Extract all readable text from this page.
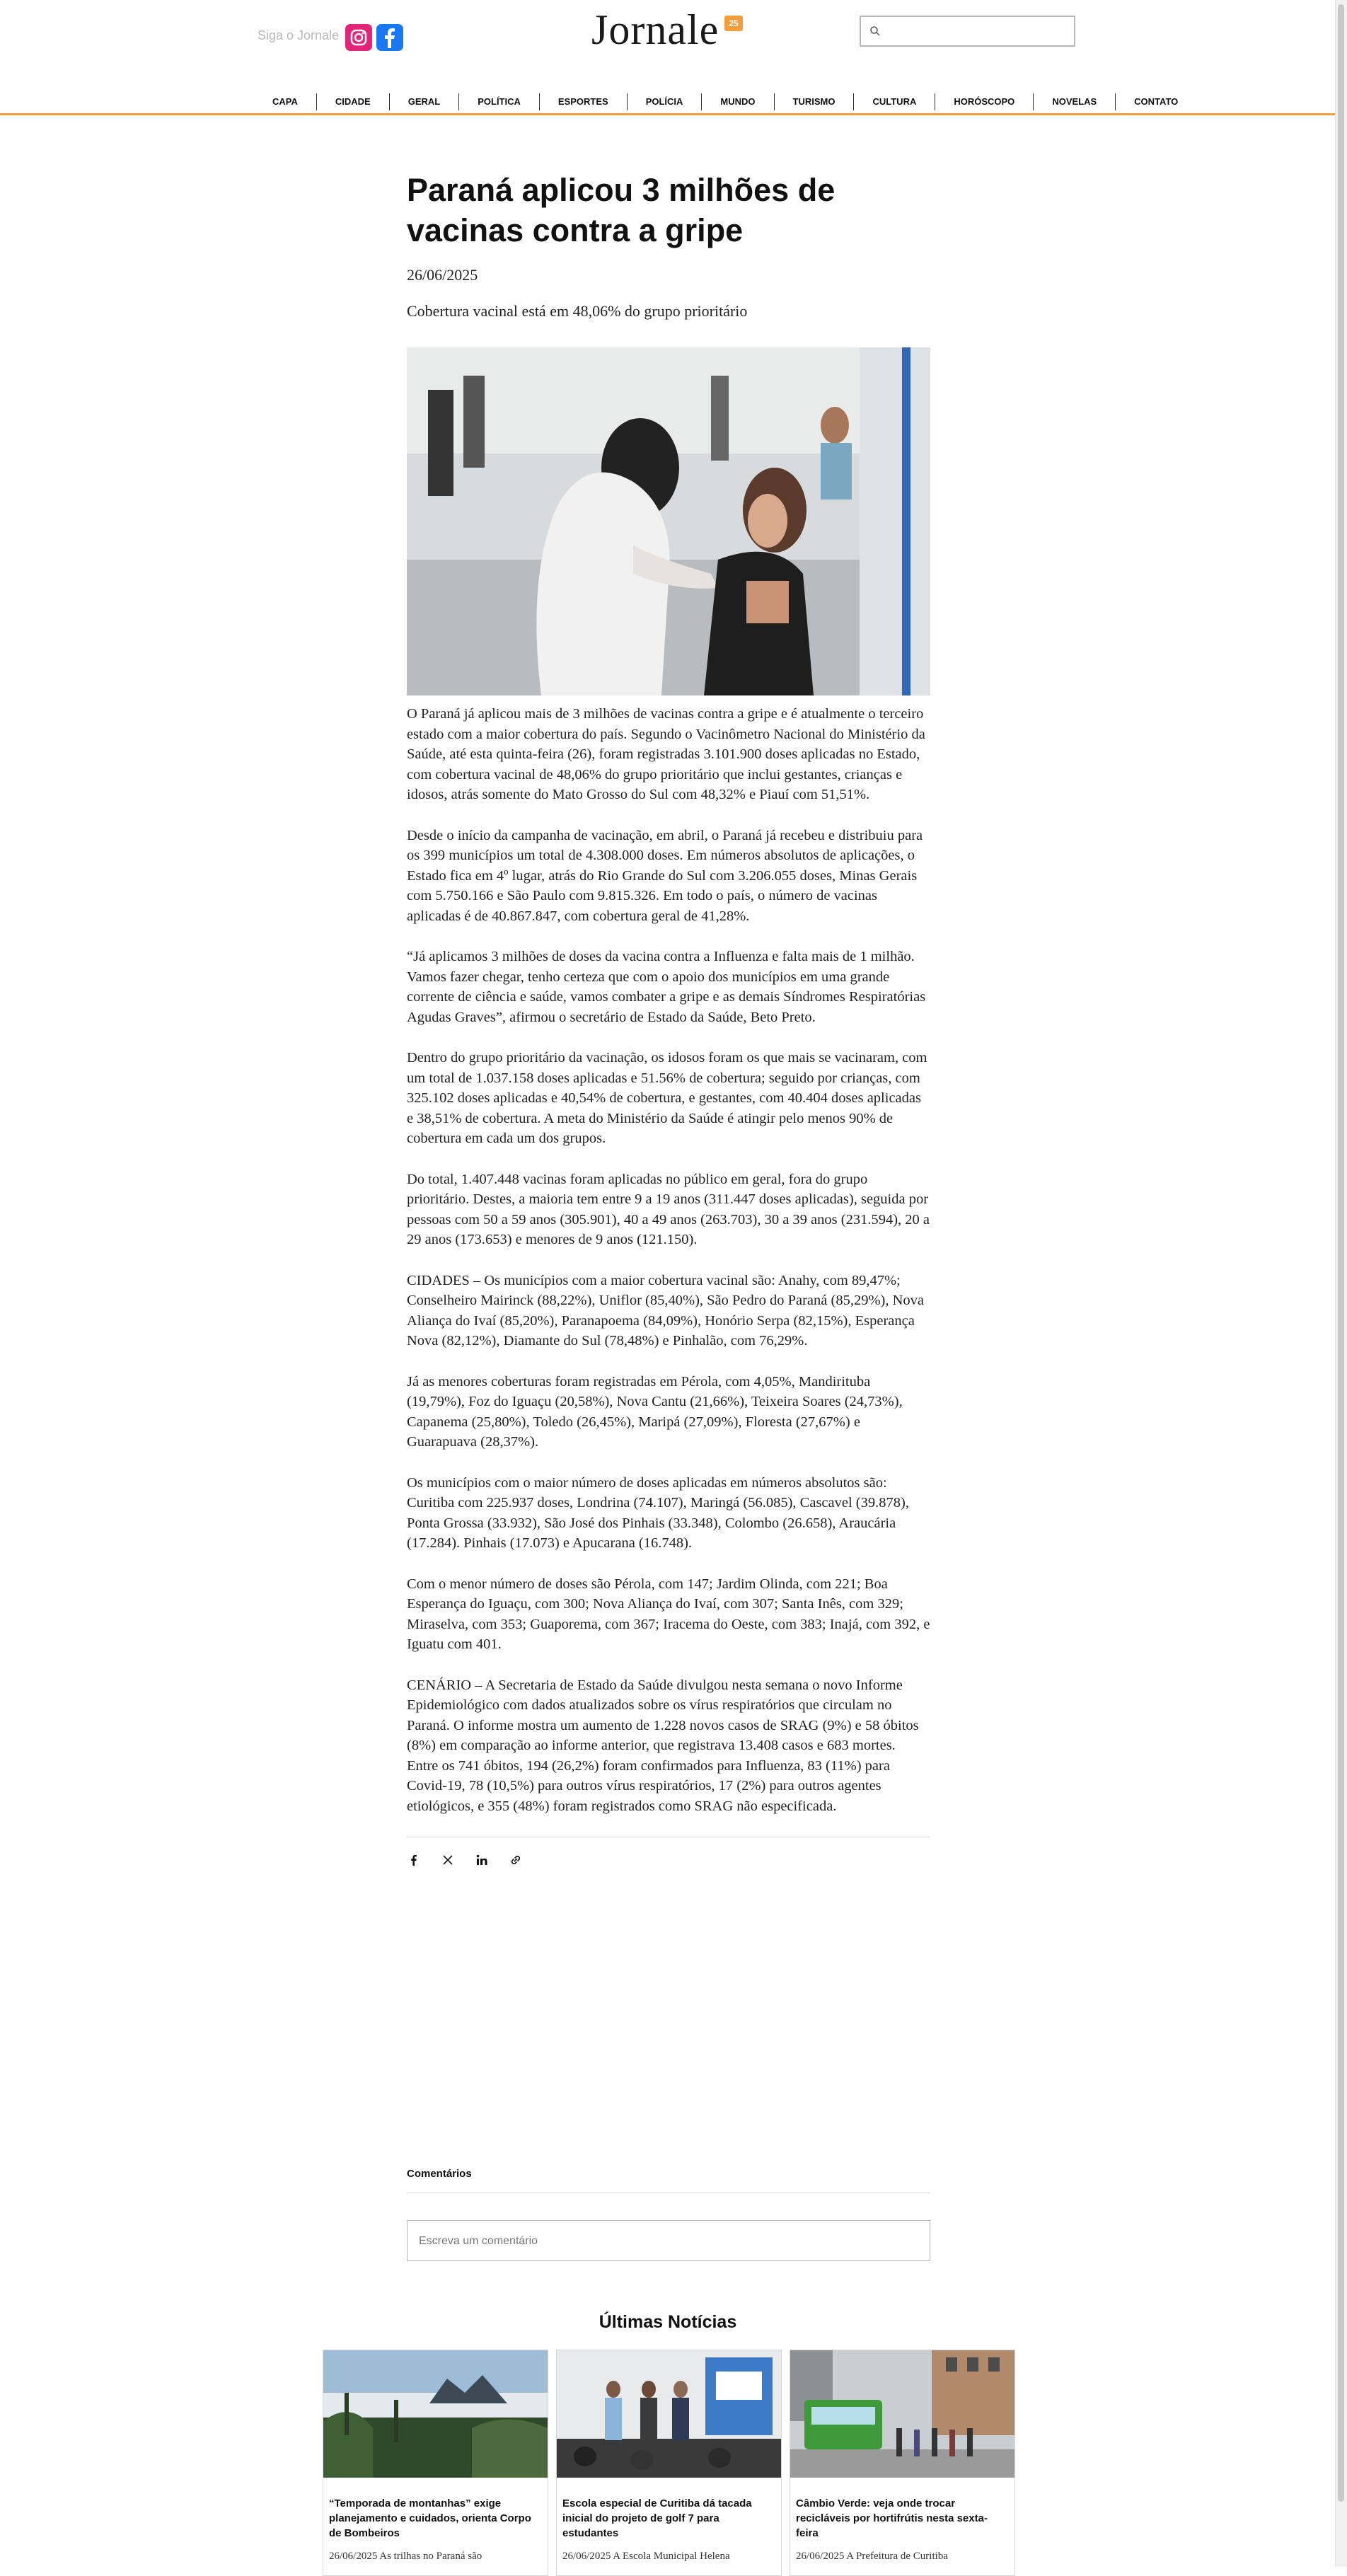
Siga o Jornale	Jornale	25
CAPA	CIDADE	GERAL	POLÍTICA	ESPORTES	POLÍCIA	MUNDO	TURISMO	CULTURA	HORÓSCOPO	NOVELAS	CONTATO
Paraná aplicou 3 milhões de vacinas contra a gripe
26/06/2025
Cobertura vacinal está em 48,06% do grupo prioritário

O Paraná já aplicou mais de 3 milhões de vacinas contra a gripe e é atualmente o terceiro estado com a maior cobertura do país. Segundo o Vacinômetro Nacional do Ministério da Saúde, até esta quinta-feira (26), foram registradas 3.101.900 doses aplicadas no Estado, com cobertura vacinal de 48,06% do grupo prioritário que inclui gestantes, crianças e idosos, atrás somente do Mato Grosso do Sul com 48,32% e Piauí com 51,51%.

Desde o início da campanha de vacinação, em abril, o Paraná já recebeu e distribuiu para os 399 municípios um total de 4.308.000 doses. Em números absolutos de aplicações, o Estado fica em 4º lugar, atrás do Rio Grande do Sul com 3.206.055 doses, Minas Gerais com 5.750.166 e São Paulo com 9.815.326. Em todo o país, o número de vacinas aplicadas é de 40.867.847, com cobertura geral de 41,28%.

“Já aplicamos 3 milhões de doses da vacina contra a Influenza e falta mais de 1 milhão. Vamos fazer chegar, tenho certeza que com o apoio dos municípios em uma grande corrente de ciência e saúde, vamos combater a gripe e as demais Síndromes Respiratórias Agudas Graves”, afirmou o secretário de Estado da Saúde, Beto Preto.

Dentro do grupo prioritário da vacinação, os idosos foram os que mais se vacinaram, com um total de 1.037.158 doses aplicadas e 51.56% de cobertura; seguido por crianças, com 325.102 doses aplicadas e 40,54% de cobertura, e gestantes, com 40.404 doses aplicadas e 38,51% de cobertura. A meta do Ministério da Saúde é atingir pelo menos 90% de cobertura em cada um dos grupos.

Do total, 1.407.448 vacinas foram aplicadas no público em geral, fora do grupo prioritário. Destes, a maioria tem entre 9 a 19 anos (311.447 doses aplicadas), seguida por pessoas com 50 a 59 anos (305.901), 40 a 49 anos (263.703), 30 a 39 anos (231.594), 20 a 29 anos (173.653) e menores de 9 anos (121.150).

CIDADES – Os municípios com a maior cobertura vacinal são: Anahy, com 89,47%; Conselheiro Mairinck (88,22%), Uniflor (85,40%), São Pedro do Paraná (85,29%), Nova Aliança do Ivaí (85,20%), Paranapoema (84,09%), Honório Serpa (82,15%), Esperança Nova (82,12%), Diamante do Sul (78,48%) e Pinhalão, com 76,29%.

Já as menores coberturas foram registradas em Pérola, com 4,05%, Mandirituba (19,79%), Foz do Iguaçu (20,58%), Nova Cantu (21,66%), Teixeira Soares (24,73%), Capanema (25,80%), Toledo (26,45%), Maripá (27,09%), Floresta (27,67%) e Guarapuava (28,37%).

Os municípios com o maior número de doses aplicadas em números absolutos são: Curitiba com 225.937 doses, Londrina (74.107), Maringá (56.085), Cascavel (39.878), Ponta Grossa (33.932), São José dos Pinhais (33.348), Colombo (26.658), Araucária (17.284). Pinhais (17.073) e Apucarana (16.748).

Com o menor número de doses são Pérola, com 147; Jardim Olinda, com 221; Boa Esperança do Iguaçu, com 300; Nova Aliança do Ivaí, com 307; Santa Inês, com 329; Miraselva, com 353; Guaporema, com 367; Iracema do Oeste, com 383; Inajá, com 392, e Iguatu com 401.

CENÁRIO – A Secretaria de Estado da Saúde divulgou nesta semana o novo Informe Epidemiológico com dados atualizados sobre os vírus respiratórios que circulam no Paraná. O informe mostra um aumento de 1.228 novos casos de SRAG (9%) e 58 óbitos (8%) em comparação ao informe anterior, que registrava 13.408 casos e 683 mortes. Entre os 741 óbitos, 194 (26,2%) foram confirmados para Influenza, 83 (11%) para Covid-19, 78 (10,5%) para outros vírus respiratórios, 17 (2%) para outros agentes etiológicos, e 355 (48%) foram registrados como SRAG não especificada.

Comentários
Escreva um comentário
Últimas Notícias
“Temporada de montanhas” exige planejamento e cuidados, orienta Corpo de Bombeiros
26/06/2025 As trilhas no Paraná são
Escola especial de Curitiba dá tacada inicial do projeto de golf 7 para estudantes
26/06/2025 A Escola Municipal Helena
Câmbio Verde: veja onde trocar recicláveis por hortifrútis nesta sexta-feira
26/06/2025 A Prefeitura de Curitiba
